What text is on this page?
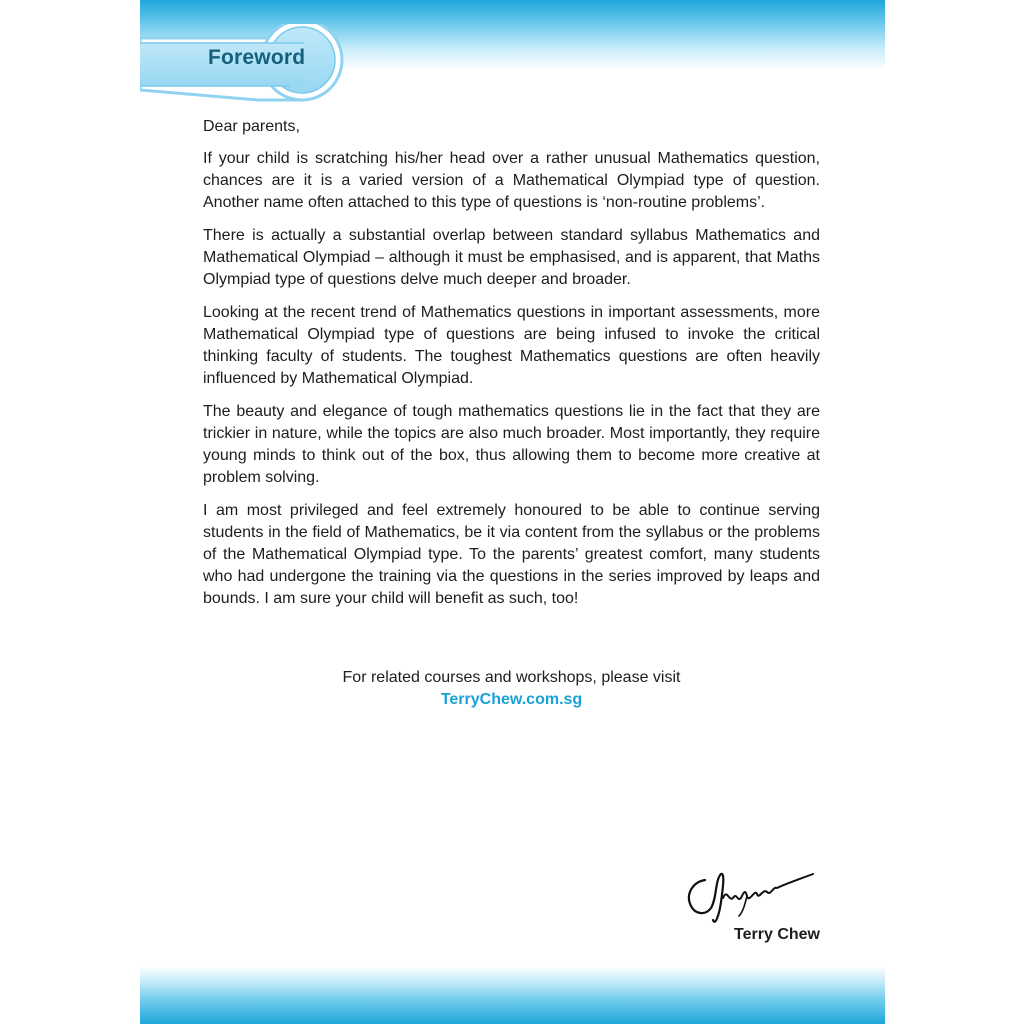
Foreword

Dear parents,

If your child is scratching his/her head over a rather unusual Mathematics question, chances are it is a varied version of a Mathematical Olympiad type of question. Another name often attached to this type of questions is ‘non-routine problems’.

There is actually a substantial overlap between standard syllabus Mathematics and Mathematical Olympiad – although it must be emphasised, and is apparent, that Maths Olympiad type of questions delve much deeper and broader.

Looking at the recent trend of Mathematics questions in important assessments, more Mathematical Olympiad type of questions are being infused to invoke the critical thinking faculty of students. The toughest Mathematics questions are often heavily influenced by Mathematical Olympiad.

The beauty and elegance of tough mathematics questions lie in the fact that they are trickier in nature, while the topics are also much broader. Most importantly, they require young minds to think out of the box, thus allowing them to become more creative at problem solving.

I am most privileged and feel extremely honoured to be able to continue serving students in the field of Mathematics, be it via content from the syllabus or the problems of the Mathematical Olympiad type. To the parents’ greatest comfort, many students who had undergone the training via the questions in the series improved by leaps and bounds. I am sure your child will benefit as such, too!

For related courses and workshops, please visit
TerryChew.com.sg
Terry Chew
